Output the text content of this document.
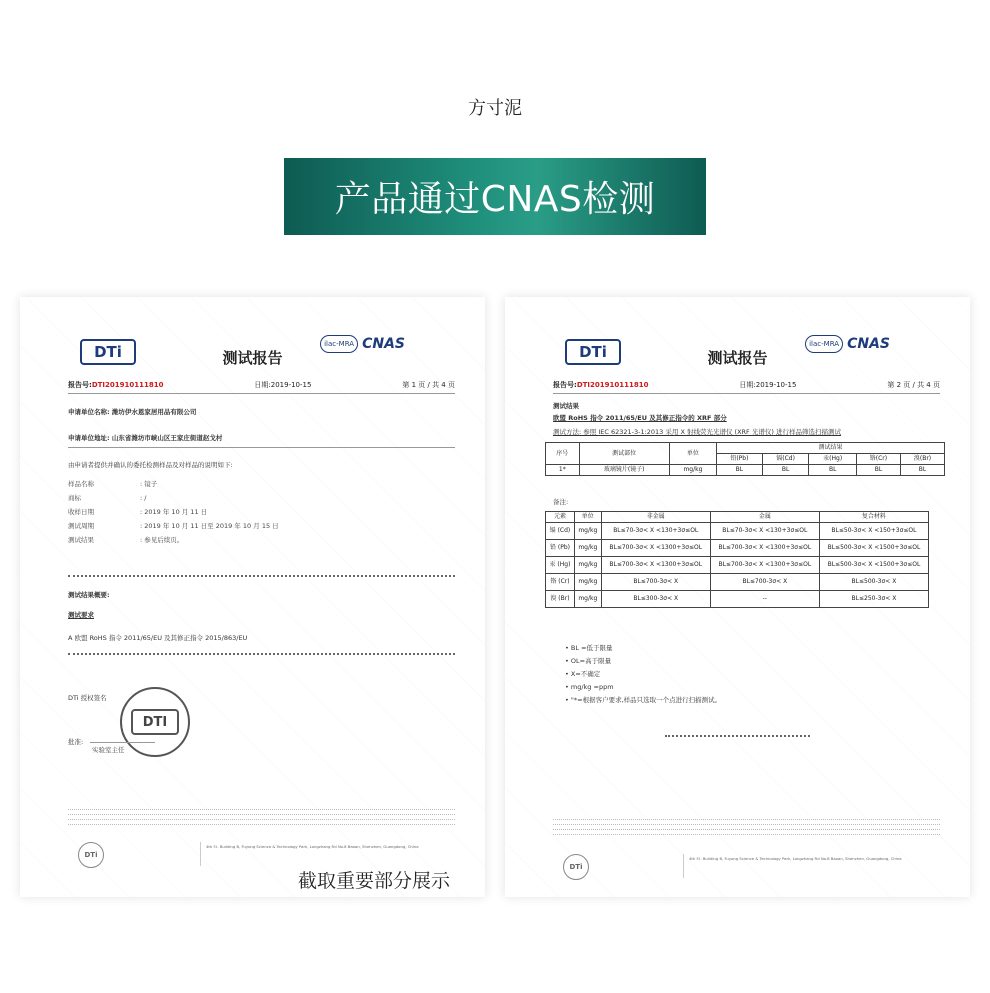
方寸泥
产品通过CNAS检测
DTi	测试报告
ilac-MRA CNAS
报告号:DTI201910111810	日期:2019-10-15	第 1 页 / 共 4 页
申请单位名称: 潍坊伊水恩家居用品有限公司
申请单位地址: 山东省潍坊市峡山区王家庄街道赵戈村
由申请者提供并确认的委托检测样品及对样品的说明如下:
样品名称	: 镜子
商标	: /
收样日期	: 2019 年 10 月 11 日
测试周期	: 2019 年 10 月 11 日至 2019 年 10 月 15 日
测试结果	: 参见后续页。
测试结果概要:
测试要求
A 欧盟 RoHS 指令 2011/65/EU 及其修正指令 2015/863/EU
DTi 授权签名
DTI
批准:
实验室主任
DTi
4th F.I. Building B, Fuyong Science & Technology Park, Longzhang Rd No.8 Baoan, Shenzhen, Guangdong, China
DTi	测试报告
ilac-MRA CNAS
报告号:DTI201910111810	日期:2019-10-15	第 2 页 / 共 4 页
测试结果
欧盟 RoHS 指令 2011/65/EU 及其修正指令的 XRF 部分
测试方法: 参照 IEC 62321-3-1:2013 采用 X 射线荧光光谱仪 (XRF 光谱仪) 进行样品筛选扫描测试
序号	测试部位	单位	测试结果				
			铅(Pb)	镉(Cd)	汞(Hg)	铬(Cr)	溴(Br)
1*	玻璃镜片(镜子)	mg/kg	BL	BL	BL	BL	BL
备注:
元素	单位	非金属	金属	复合材料
镉 (Cd)	mg/kg	BL≤70-3σ< X <130+3σ≤OL	BL≤70-3σ< X <130+3σ≤OL	BL≤50-3σ< X <150+3σ≤OL
铅 (Pb)	mg/kg	BL≤700-3σ< X <1300+3σ≤OL	BL≤700-3σ< X <1300+3σ≤OL	BL≤500-3σ< X <1500+3σ≤OL
汞 (Hg)	mg/kg	BL≤700-3σ< X <1300+3σ≤OL	BL≤700-3σ< X <1300+3σ≤OL	BL≤500-3σ< X <1500+3σ≤OL
铬 (Cr)	mg/kg	BL≤700-3σ< X	BL≤700-3σ< X	BL≤500-3σ< X
溴 (Br)	mg/kg	BL≤300-3σ< X	--	BL≤250-3σ< X
• BL =低于限量
• OL=高于限量
• X=不确定
• mg/kg =ppm
• "*=根据客户要求,样品只选取一个点进行扫描测试。
DTi
4th F.I. Building B, Fuyong Science & Technology Park, Longzhang Rd No.8 Baoan, Shenzhen, Guangdong, China
截取重要部分展示
